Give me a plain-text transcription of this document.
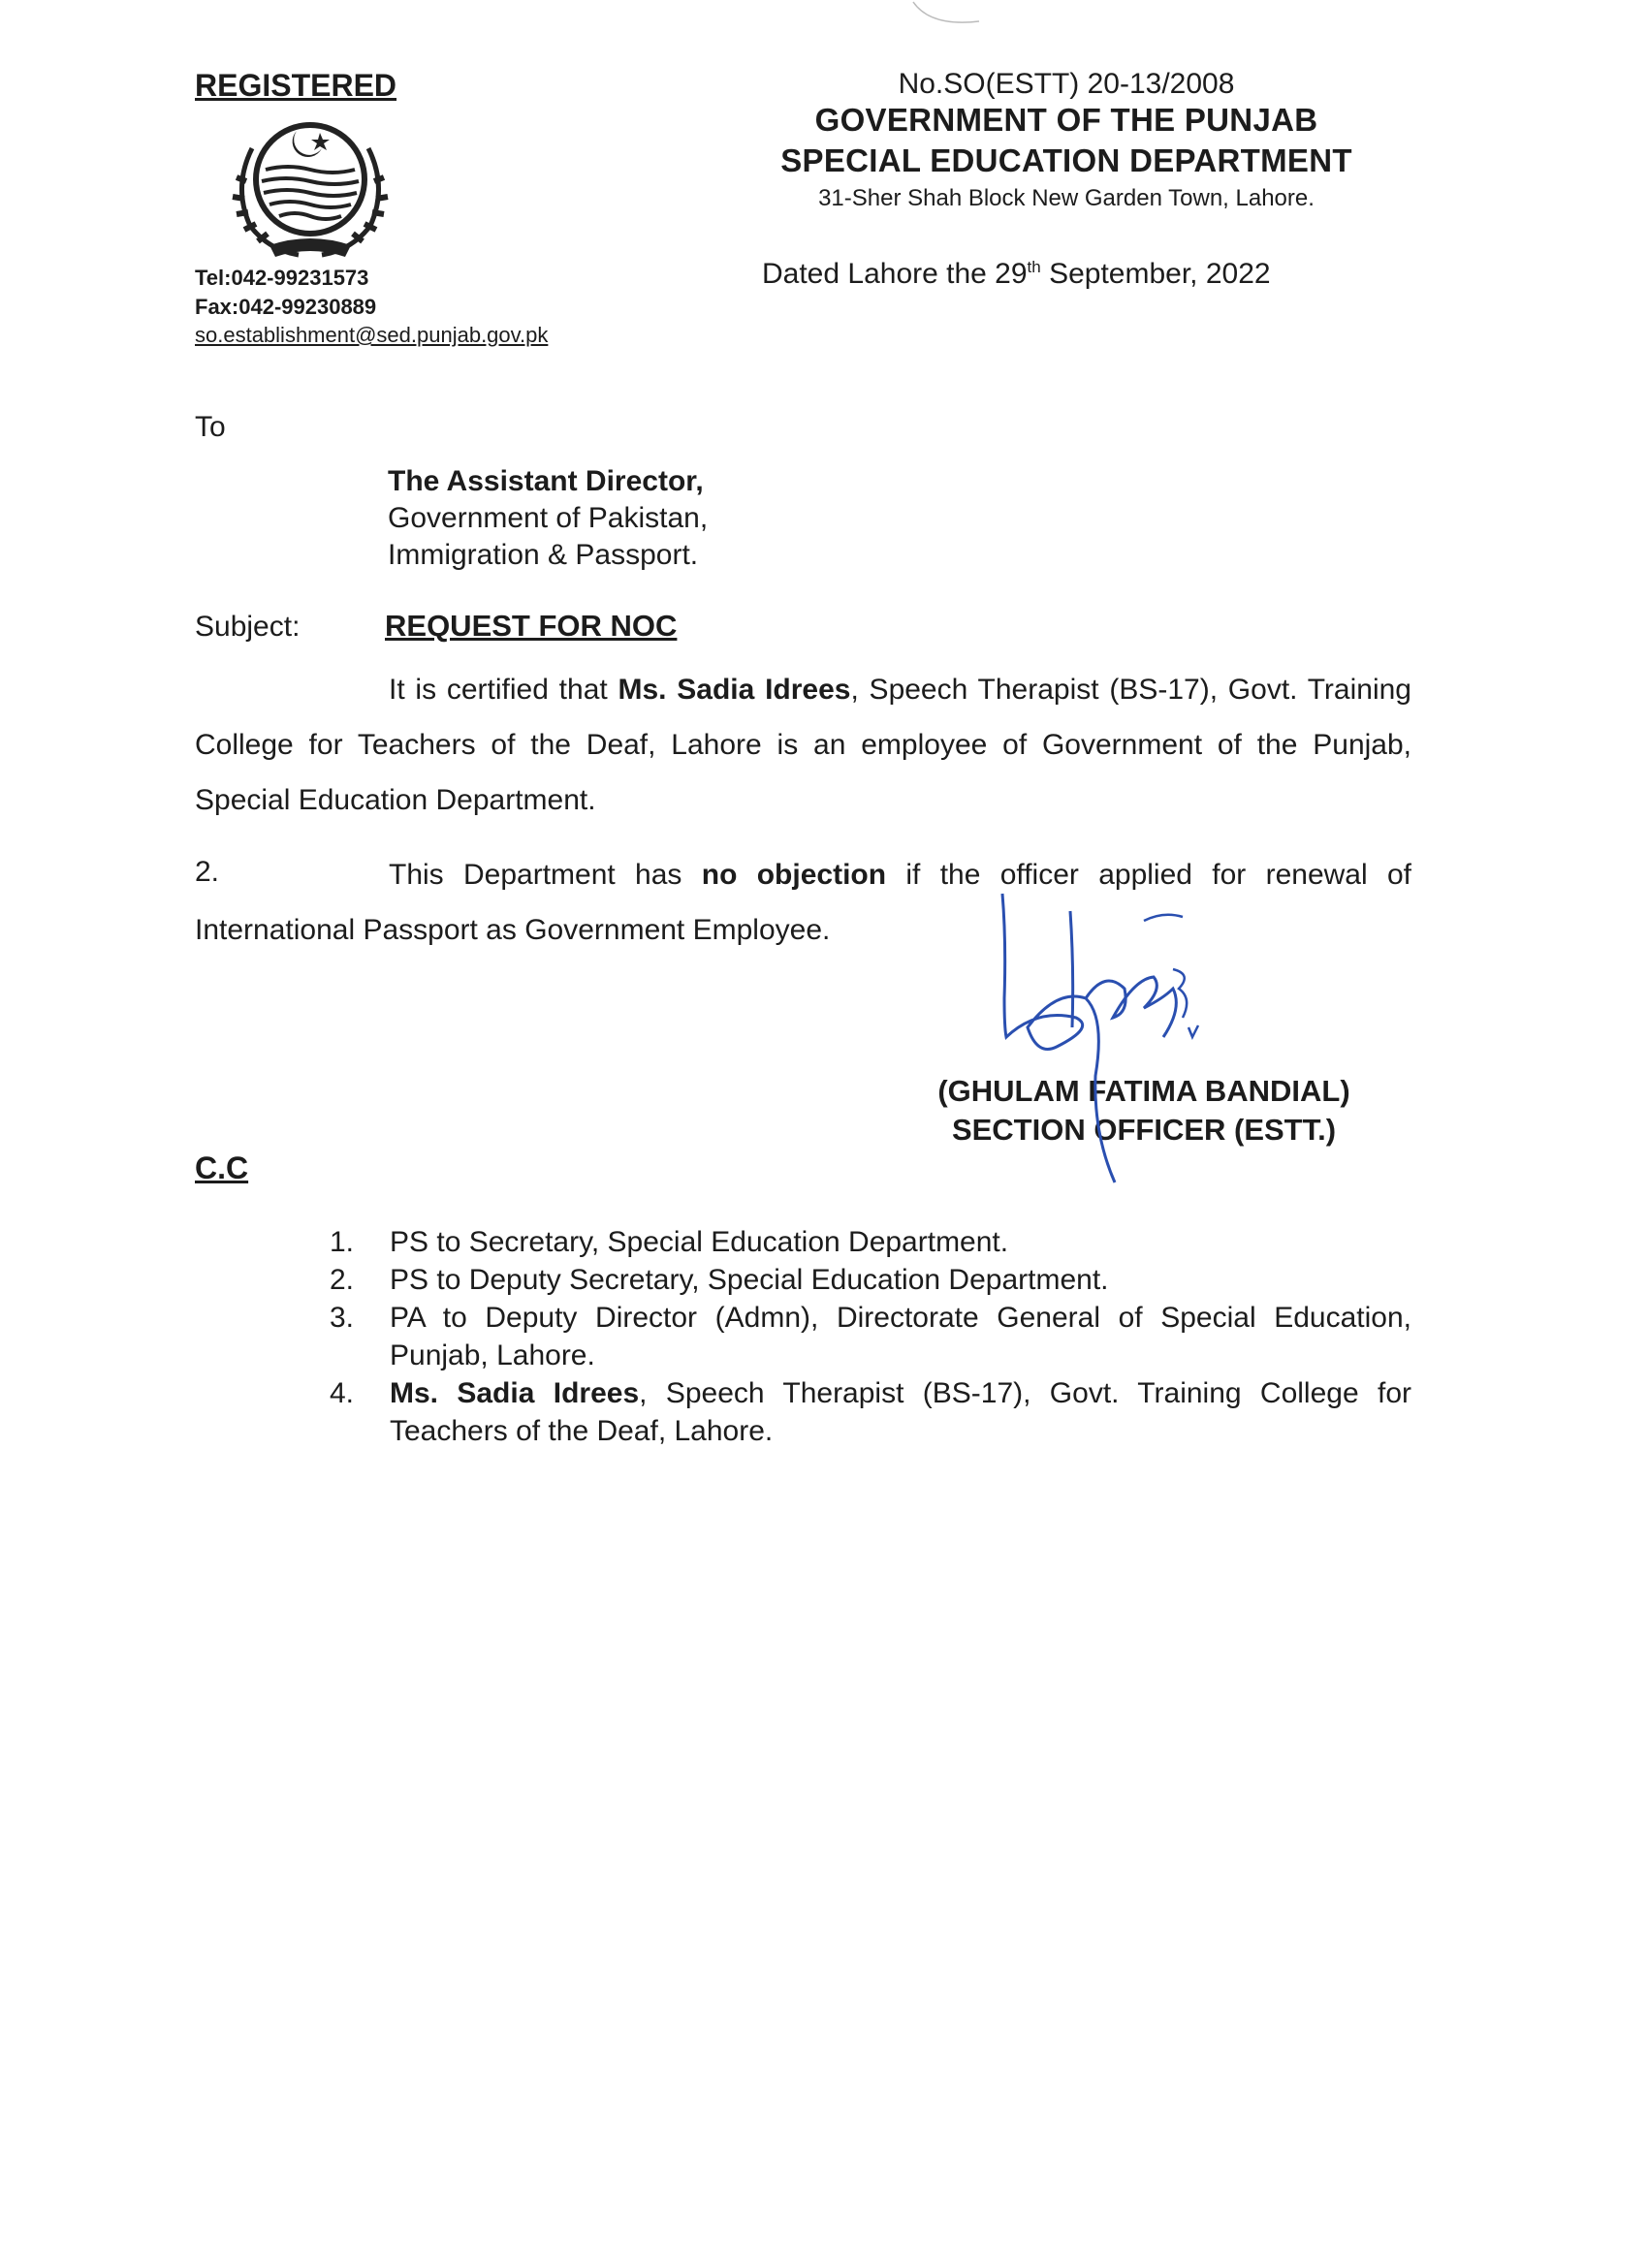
REGISTERED
Tel:042-99231573
Fax:042-99230889
so.establishment@sed.punjab.gov.pk
No.SO(ESTT) 20-13/2008
GOVERNMENT OF THE PUNJAB
SPECIAL EDUCATION DEPARTMENT
31-Sher Shah Block New Garden Town, Lahore.
Dated Lahore the 29th September, 2022
To
The Assistant Director,
Government of Pakistan,
Immigration & Passport.
Subject:	REQUEST FOR NOC

It is certified that Ms. Sadia Idrees, Speech Therapist (BS-17), Govt. Training College for Teachers of the Deaf, Lahore is an employee of Government of the Punjab, Special Education Department.

2.	This Department has no objection if the officer applied for renewal of International Passport as Government Employee.

(GHULAM FATIMA BANDIAL)
SECTION OFFICER (ESTT.)
C.C
1.	PS to Secretary, Special Education Department.
2.	PS to Deputy Secretary, Special Education Department.
3.	PA to Deputy Director (Admn), Directorate General of Special Education, Punjab, Lahore.
4.	Ms. Sadia Idrees, Speech Therapist (BS-17), Govt. Training College for Teachers of the Deaf, Lahore.
